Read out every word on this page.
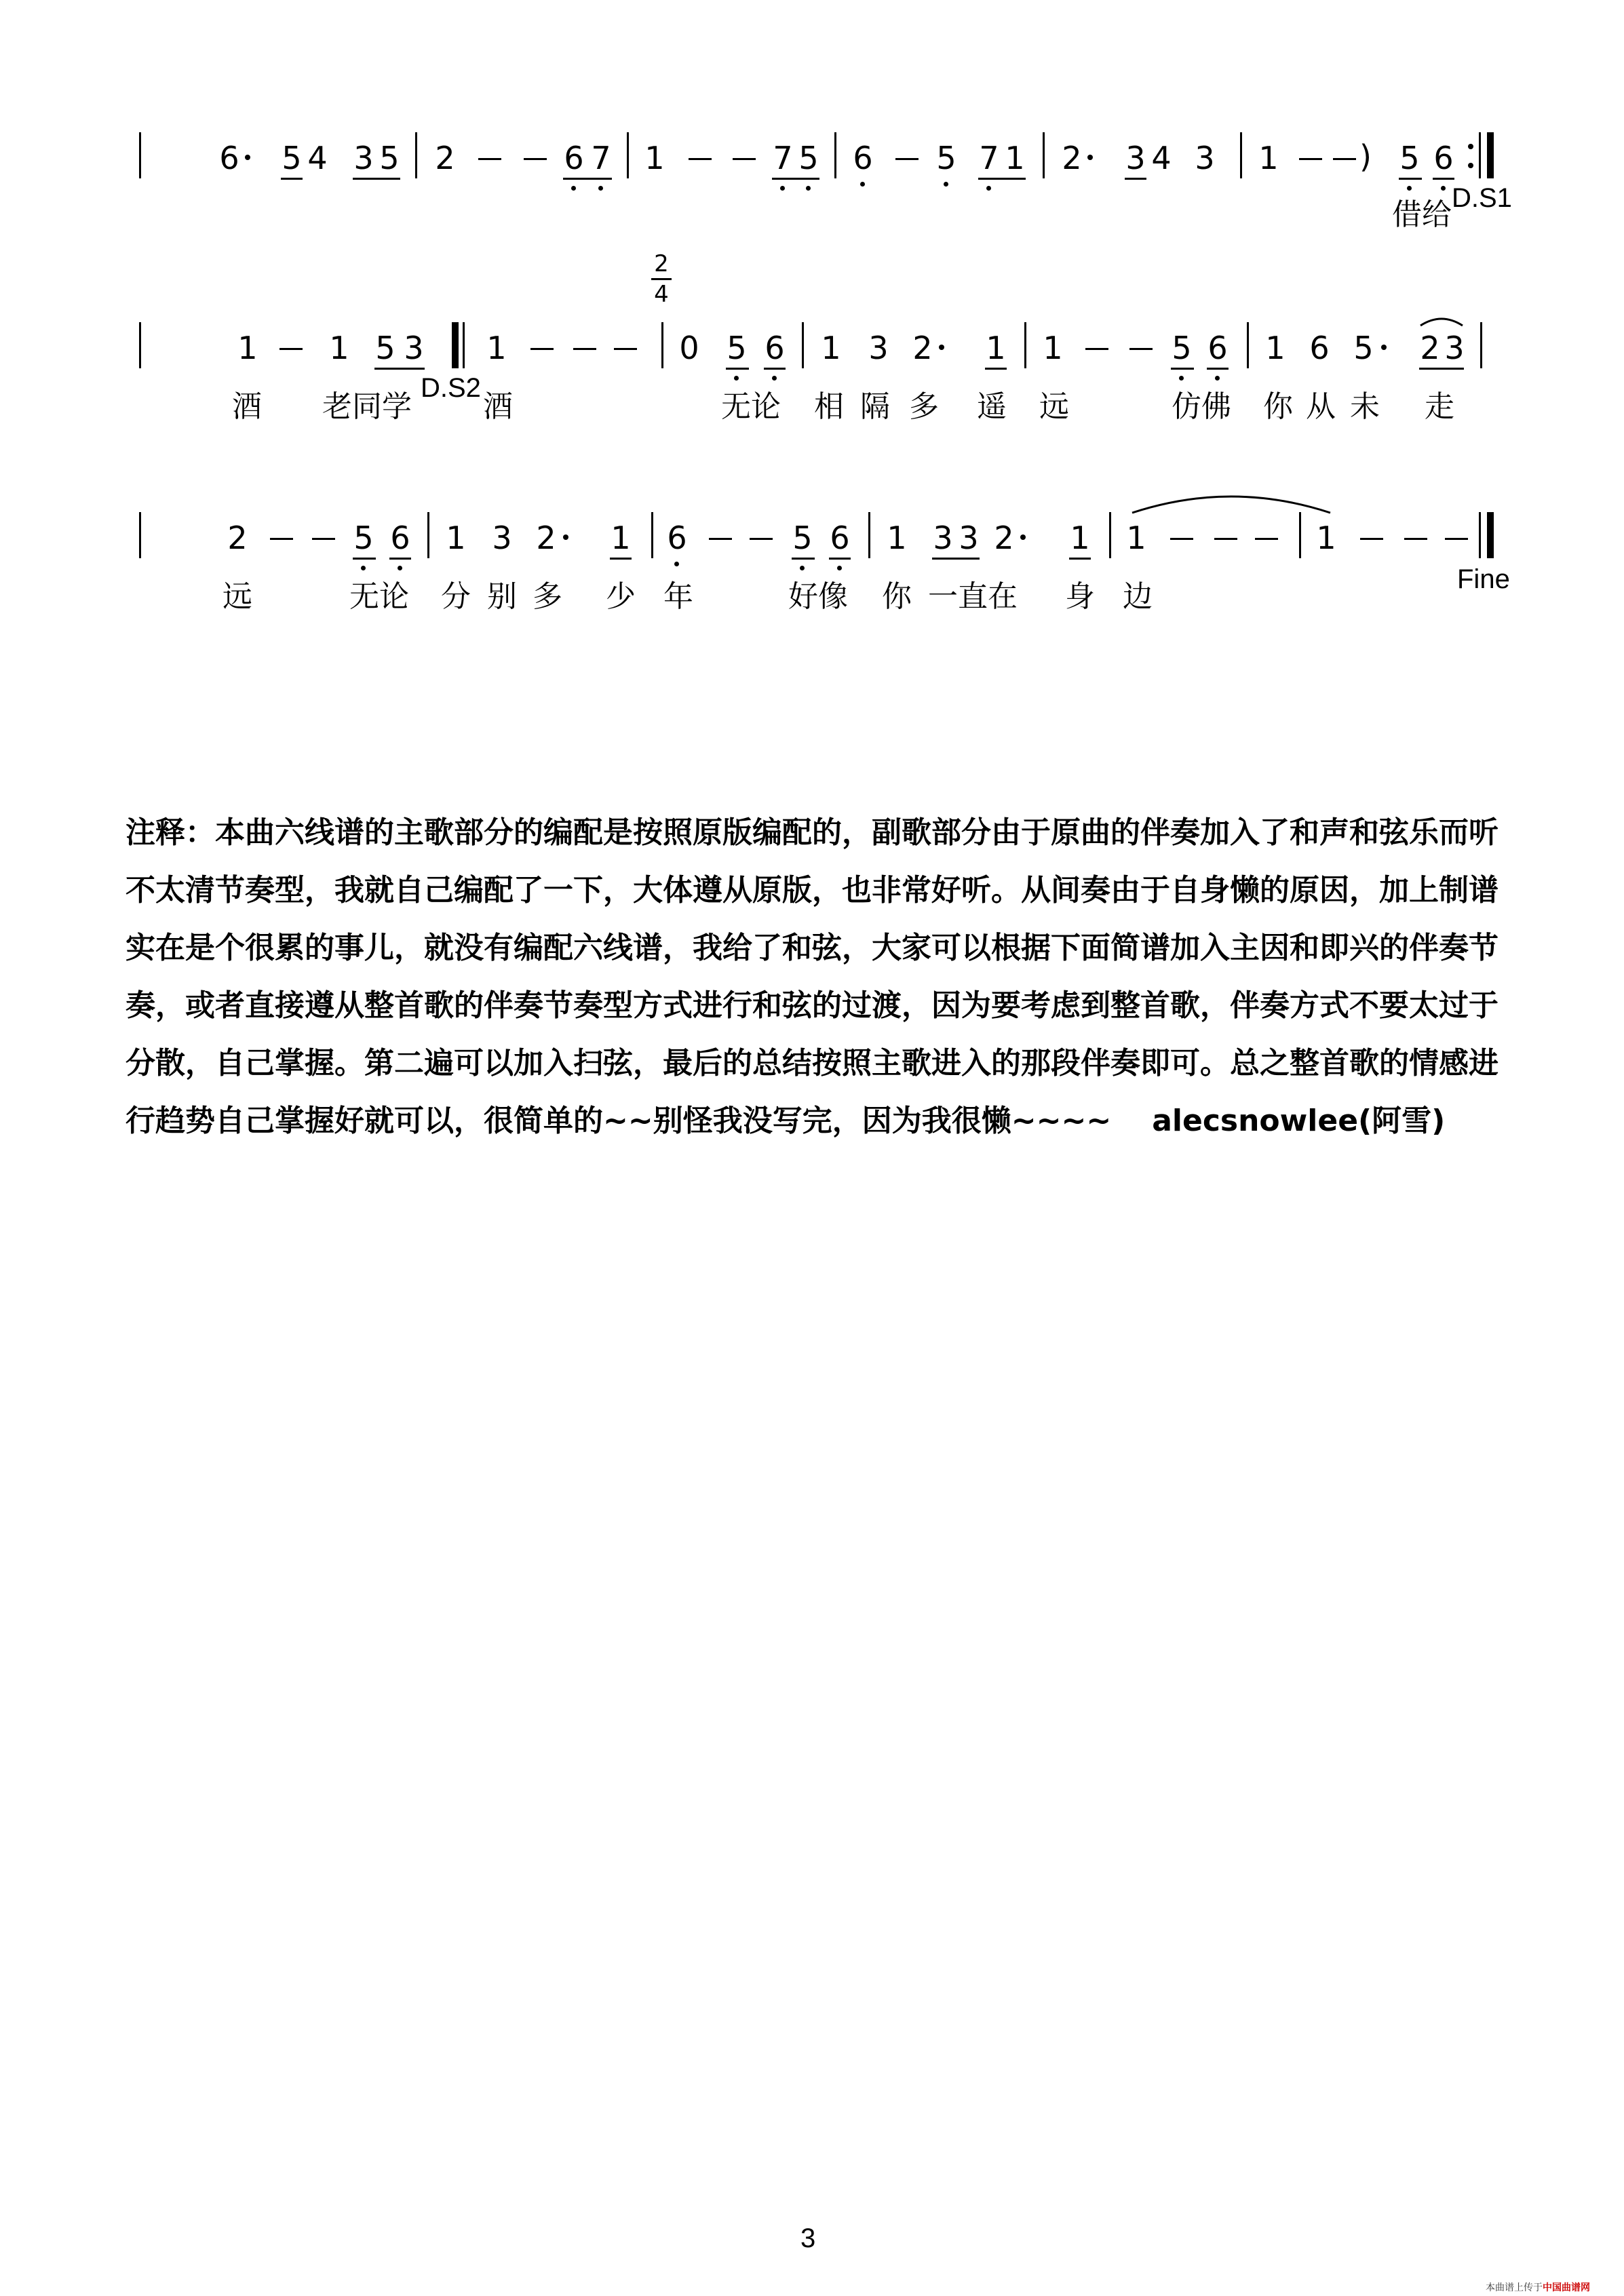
6 5 4 3 5 2	6 7 1	7 5 6 5 7 1 2 3 4 3 1	) 5 6
借给 D.S1
1 1 5 3 1
2
4
0 5 6 1 3 2 1 1	5 6 1 6 5 2 3
酒 老同学 酒	无论 相 隔 多 遥 远	仿佛 你 从 未 走
D.S2
2	5 6 1 3 2 1 6	5 6 1 3 3 2 1 1	1
远	无论 分 别 多 少 年	好像 你 一直在 身 边	Fine
注释：本曲六线谱的主歌部分的编配是按照原版编配的，副歌部分由于原曲的伴奏加入了和声和弦乐而听不太清节奏型，我就自己编配了一下，大体遵从原版，也非常好听。从间奏由于自身懒的原因，加上制谱实在是个很累的事儿，就没有编配六线谱，我给了和弦，大家可以根据下面简谱加入主因和即兴的伴奏节奏，或者直接遵从整首歌的伴奏节奏型方式进行和弦的过渡，因为要考虑到整首歌，伴奏方式不要太过于分散，自己掌握。第二遍可以加入扫弦，最后的总结按照主歌进入的那段伴奏即可。总之整首歌的情感进行趋势自己掌握好就可以，很简单的~~别怪我没写完，因为我很懒~~~~ alecsnowlee(阿雪)
3
本曲谱上传于中国曲谱网
